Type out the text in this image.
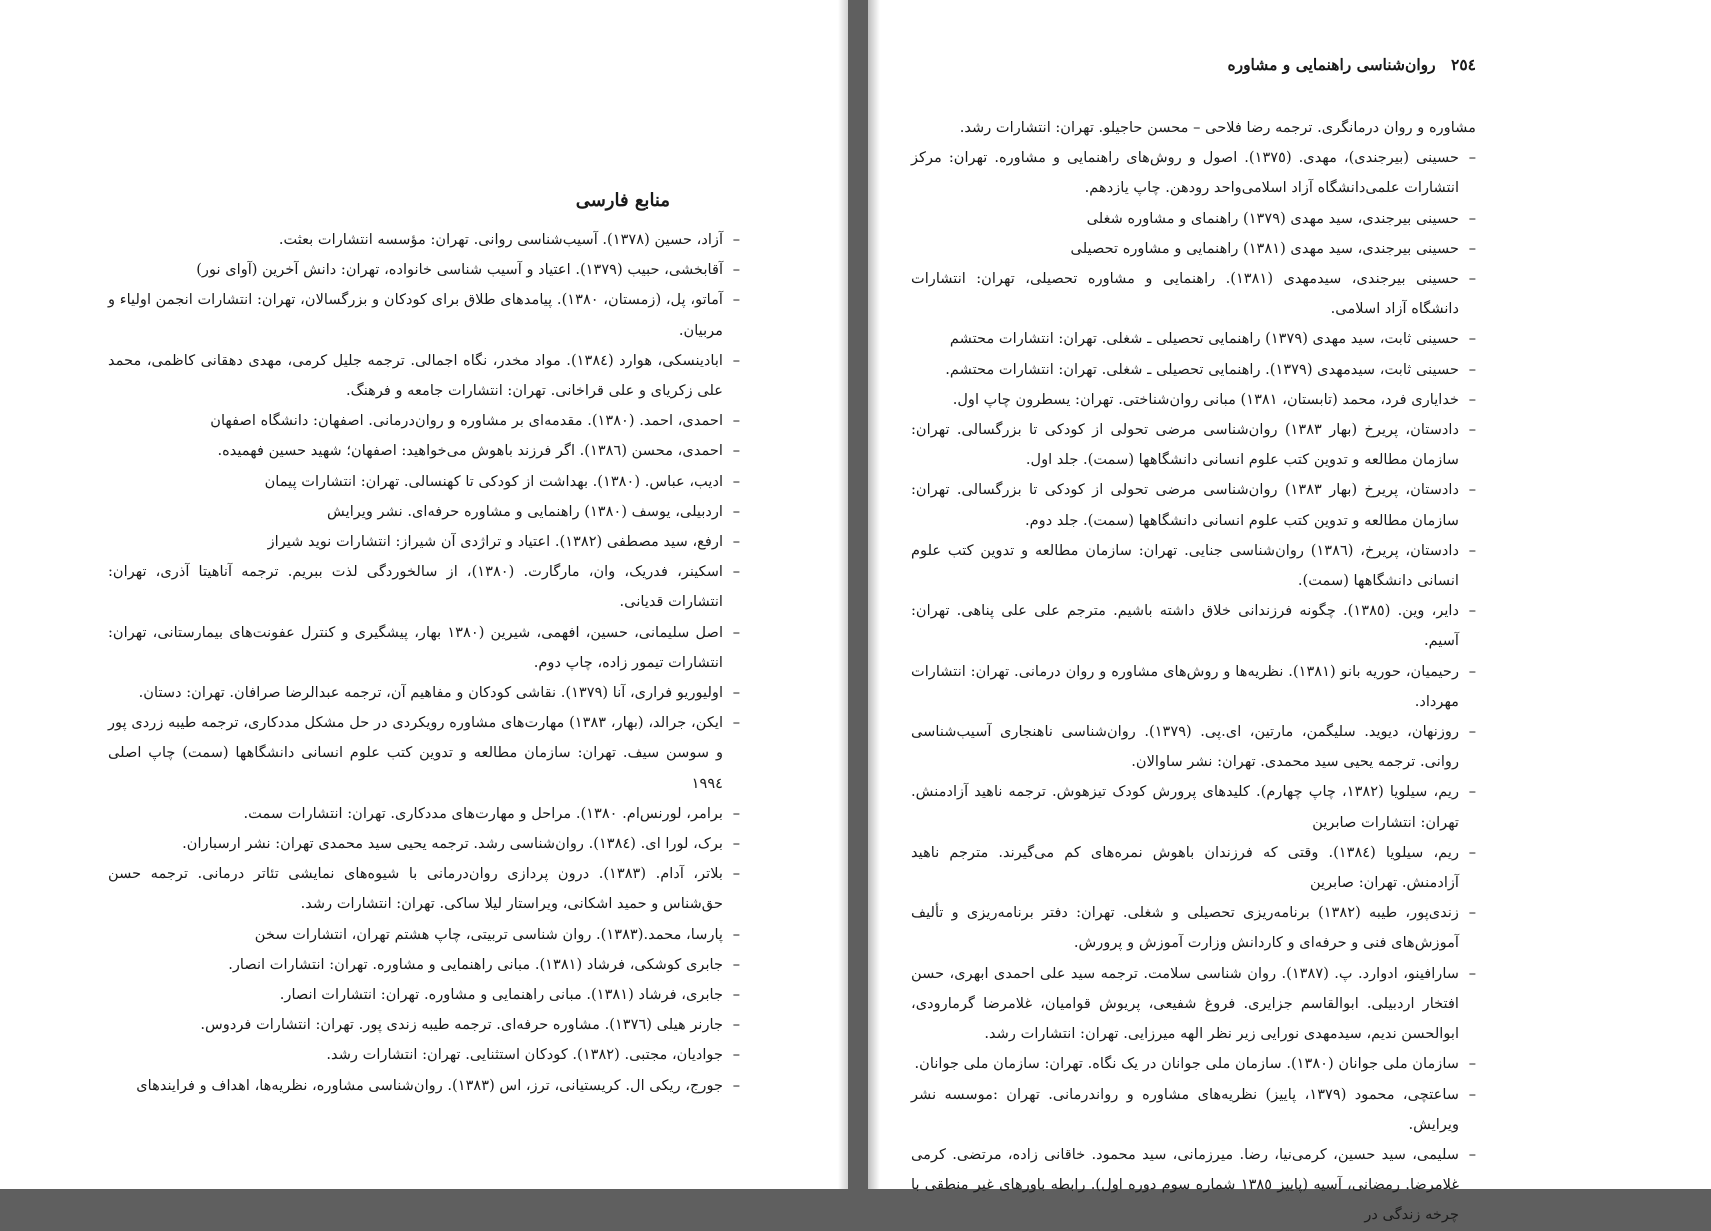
منابع فارسی
–آزاد، حسین (۱۳۷۸). آسیب‌شناسی روانی. تهران: مؤسسه انتشارات بعثت.
–آقابخشی، حبیب (۱۳۷۹). اعتیاد و آسیب شناسی خانواده، تهران: دانش آخرین (آوای نور)
–آماتو، پل، (زمستان، ۱۳۸۰). پیامدهای طلاق برای کودکان و بزرگسالان، تهران: انتشارات انجمن اولیاء و مربیان.
–ابادینسکی، هوارد (۱۳۸٤). مواد مخدر، نگاه اجمالی. ترجمه جلیل کرمی، مهدی دهقانی کاظمی، محمد علی زکریای و علی قراخانی. تهران: انتشارات جامعه و فرهنگ.
–احمدی، احمد. (۱۳۸۰). مقدمه‌ای بر مشاوره و روان‌درمانی. اصفهان: دانشگاه اصفهان
–احمدی، محسن (۱۳۸٦). اگر فرزند باهوش می‌خواهید: اصفهان؛ شهید حسین فهمیده.
–ادیب، عباس. (۱۳۸۰). بهداشت از کودکی تا کهنسالی. تهران: انتشارات پیمان
–اردبیلی، یوسف (۱۳۸۰) راهنمایی و مشاوره حرفه‌ای. نشر ویرایش
–ارفع، سید مصطفی (۱۳۸۲). اعتیاد و تراژدی آن شیراز: انتشارات نوید شیراز
–اسکینر، فدریک، وان، مارگارت. (۱۳۸۰)، از سالخوردگی لذت ببریم. ترجمه آناهیتا آذری، تهران: انتشارات قدیانی.
–اصل سلیمانی، حسین، افهمی، شیرین (۱۳۸۰ بهار، پیشگیری و کنترل عفونت‌های بیمارستانی، تهران: انتشارات تیمور زاده، چاپ دوم.
–اولیوریو فراری، آنا (۱۳۷۹). نقاشی کودکان و مفاهیم آن، ترجمه عبدالرضا صرافان. تهران: دستان.
–ایکن، جرالد، (بهار، ۱۳۸۳) مهارت‌های مشاوره رویکردی در حل مشکل مددکاری، ترجمه طیبه زردی پور و سوسن سیف. تهران: سازمان مطالعه و تدوین کتب علوم انسانی دانشگاهها (سمت) چاپ اصلی ۱۹۹٤
–برامر، لورنس‌ام. ۱۳۸۰). مراحل و مهارت‌های مددکاری. تهران: انتشارات سمت.
–برک، لورا ای. (۱۳۸٤). روان‌شناسی رشد. ترجمه یحیی سید محمدی تهران: نشر ارسباران.
–بلاتر، آدام. (۱۳۸۳). درون پردازی روان‌درمانی با شیوه‌های نمایشی تئاتر درمانی. ترجمه حسن حق‌شناس و حمید اشکانی، ویراستار لیلا ساکی. تهران: انتشارات رشد.
–پارسا، محمد.(۱۳۸۳). روان شناسی تربیتی، چاپ هشتم تهران، انتشارات سخن
–جابری کوشکی، فرشاد (۱۳۸۱). مبانی راهنمایی و مشاوره. تهران: انتشارات انصار.
–جابری، فرشاد (۱۳۸۱). مبانی راهنمایی و مشاوره. تهران: انتشارات انصار.
–جارنر هیلی (۱۳۷٦). مشاوره حرفه‌ای. ترجمه طیبه زندی پور. تهران: انتشارات فردوس.
–جوادیان، مجتبی. (۱۳۸۲). کودکان استثنایی. تهران: انتشارات رشد.
–جورج، ریکی ال. کریستیانی، ترز، اس (۱۳۸۳). روان‌شناسی مشاوره، نظریه‌ها، اهداف و فرایندهای
۲٥٤ روان‌شناسی راهنمایی و مشاوره
مشاوره و روان درمانگری. ترجمه رضا فلاحی – محسن حاجیلو. تهران: انتشارات رشد.
–حسینی (بیرجندی)، مهدی. (۱۳۷٥). اصول و روش‌های راهنمایی و مشاوره. تهران: مرکز انتشارات علمی‌دانشگاه آزاد اسلامی‌واحد رودهن. چاپ یازدهم.
–حسینی بیرجندی، سید مهدی (۱۳۷۹) راهنمای و مشاوره شغلی
–حسینی بیرجندی، سید مهدی (۱۳۸۱) راهنمایی و مشاوره تحصیلی
–حسینی بیرجندی، سیدمهدی (۱۳۸۱). راهنمایی و مشاوره تحصیلی، تهران: انتشارات دانشگاه آزاد اسلامی.
–حسینی ثابت، سید مهدی (۱۳۷۹) راهنمایی تحصیلی ـ شغلی. تهران: انتشارات محتشم
–حسینی ثابت، سیدمهدی (۱۳۷۹). راهنمایی تحصیلی ـ شغلی. تهران: انتشارات محتشم.
–خدایاری فرد، محمد (تابستان، ۱۳۸۱) مبانی روان‌شناختی. تهران: یسطرون چاپ اول.
–دادستان، پریرخ (بهار ۱۳۸۳) روان‌شناسی مرضی تحولی از کودکی تا بزرگسالی. تهران: سازمان مطالعه و تدوین کتب علوم انسانی دانشگاهها (سمت). جلد اول.
–دادستان، پریرخ (بهار ۱۳۸۳) روان‌شناسی مرضی تحولی از کودکی تا بزرگسالی. تهران: سازمان مطالعه و تدوین کتب علوم انسانی دانشگاهها (سمت). جلد دوم.
–دادستان، پریرخ، (۱۳۸٦) روان‌شناسی جنایی. تهران: سازمان مطالعه و تدوین کتب علوم انسانی دانشگاهها (سمت).
–دایر، وین. (۱۳۸٥). چگونه فرزندانی خلاق داشته باشیم. مترجم علی علی پناهی. تهران: آسیم.
–رحیمیان، حوریه بانو (۱۳۸۱). نظریه‌ها و روش‌های مشاوره و روان درمانی. تهران: انتشارات مهرداد.
–روزنهان، دیوید. سلیگمن، مارتین، ای.پی. (۱۳۷۹). روان‌شناسی ناهنجاری آسیب‌شناسی روانی. ترجمه یحیی سید محمدی. تهران: نشر ساوالان.
–ریم، سیلویا (۱۳۸۲، چاپ چهارم). کلیدهای پرورش کودک تیزهوش. ترجمه ناهید آزادمنش. تهران: انتشارات صابرین
–ریم، سیلویا (۱۳۸٤). وقتی که فرزندان باهوش نمره‌های کم می‌گیرند. مترجم ناهید آزادمنش. تهران: صابرین
–زندی‌پور، طیبه (۱۳۸۲) برنامه‌ریزی تحصیلی و شغلی. تهران: دفتر برنامه‌ریزی و تألیف آموزش‌های فنی و حرفه‌ای و کاردانش وزارت آموزش و پرورش.
–سارافینو، ادوارد. پ. (۱۳۸۷). روان شناسی سلامت. ترجمه سید علی احمدی ابهری، حسن افتخار اردبیلی. ابوالقاسم جزایری. فروغ شفیعی، پریوش قوامیان، غلامرضا گرمارودی، ابوالحسن ندیم، سیدمهدی نورایی زیر نظر الهه میرزایی. تهران: انتشارات رشد.
–سازمان ملی جوانان (۱۳۸۰). سازمان ملی جوانان در یک نگاه. تهران: سازمان ملی جوانان.
–ساعتچی، محمود (۱۳۷۹، پاییز) نظریه‌های مشاوره و رواندرمانی. تهران :موسسه نشر ویرایش.
–سلیمی، سید حسین، کرمی‌نیا، رضا. میرزمانی، سید محمود. خاقانی زاده، مرتضی. کرمی غلامرضا. رمضانی، آسیه (پاییز ۱۳۸٥ شماره سوم دوره اول). رابطه باورهای غیر منطقی با چرخه زندگی در
